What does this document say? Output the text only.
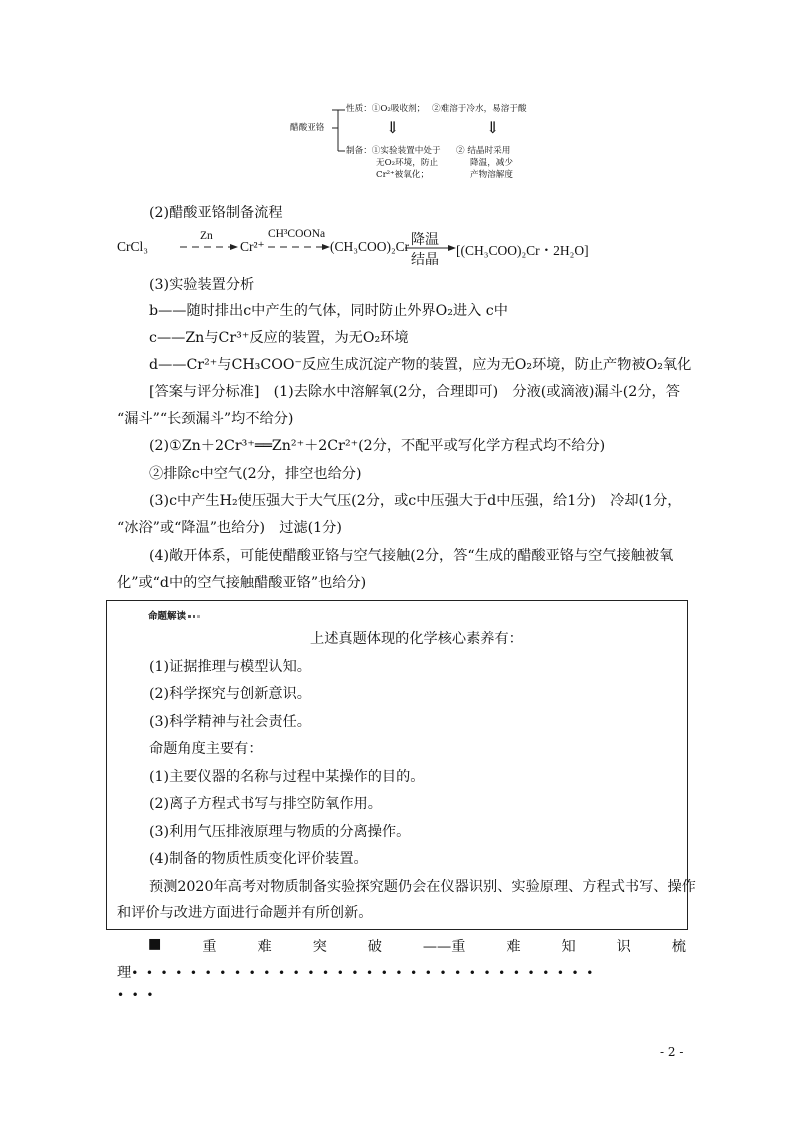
醋酸亚铬
性质：①O₂吸收剂； ②难溶于冷水，易溶于酸
⇓	⇓
制备：①实验装置中处于
无O₂环境，防止
Cr²⁺被氧化；
② 结晶时采用
降温，减少
产物溶解度
(2)醋酸亚铬制备流程
CrCl₃
Zn
Cr²⁺
CH³COONa
(CH₃COO)₂Cr 降温
结晶
[(CH₃COO)₂Cr・2H₂O]
(3)实验装置分析
b——随时排出c中产生的气体，同时防止外界O₂进入 c中
c——Zn与Cr³⁺反应的装置，为无O₂环境
d——Cr²⁺与CH₃COO⁻反应生成沉淀产物的装置，应为无O₂环境，防止产物被O₂氧化
[答案与评分标准]　(1)去除水中溶解氧(2分，合理即可)　分液(或滴液)漏斗(2分，答
“漏斗”“长颈漏斗”均不给分)
(2)①Zn＋2Cr³⁺══Zn²⁺＋2Cr²⁺(2分，不配平或写化学方程式均不给分)
②排除c中空气(2分，排空也给分)
(3)c中产生H₂使压强大于大气压(2分，或c中压强大于d中压强，给1分)　冷却(1分，
“冰浴”或“降温”也给分)　过滤(1分)
(4)敞开体系，可能使醋酸亚铬与空气接触(2分，答“生成的醋酸亚铬与空气接触被氧
化”或“d中的空气接触醋酸亚铬”也给分)
命题解读
上述真题体现的化学核心素养有：
(1)证据推理与模型认知。
(2)科学探究与创新意识。
(3)科学精神与社会责任。
命题角度主要有：
(1)主要仪器的名称与过程中某操作的目的。
(2)离子方程式书写与排空防氧作用。
(3)利用气压排液原理与物质的分离操作。
(4)制备的物质性质变化评价装置。
预测2020年高考对物质制备实验探究题仍会在仪器识别、实验原理、方程式书写、操作
和评价与改进方面进行命题并有所创新。
■	重	难	突	破	——重	难	知	识	梳
理••••••••••••••••••••••••••••••••
•••
- 2 -
